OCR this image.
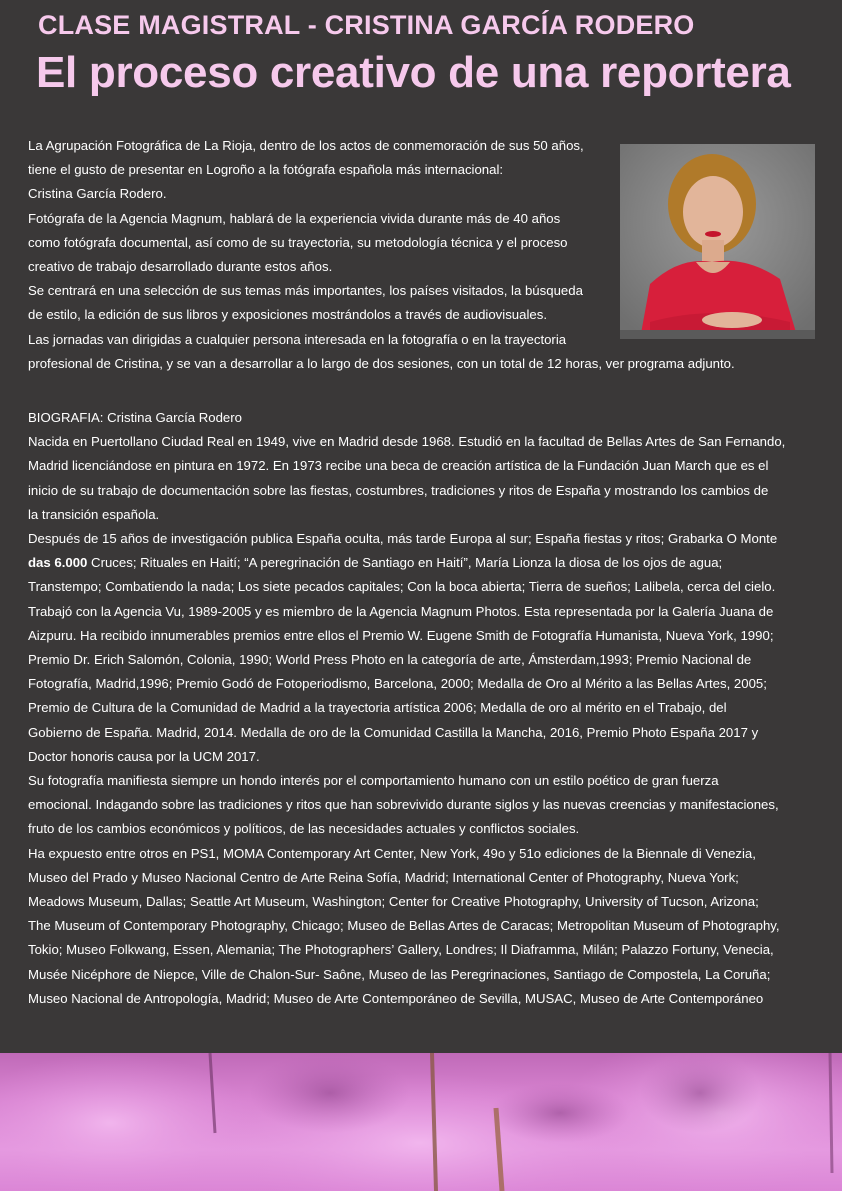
CLASE MAGISTRAL - CRISTINA GARCÍA RODERO
El proceso creativo de una reportera
La Agrupación Fotográfica de La Rioja, dentro de los actos de conmemoración de sus 50 años,
tiene el gusto de presentar en Logroño a la fotógrafa española más internacional:
Cristina García Rodero.
Fotógrafa de la Agencia Magnum, hablará de la experiencia vivida durante más de 40 años
como fotógrafa documental, así como de su trayectoria, su metodología técnica y el proceso
creativo de trabajo desarrollado durante estos años.
Se centrará en una selección de sus temas más importantes, los países visitados, la búsqueda
de estilo, la edición de sus libros y exposiciones mostrándolos a través de audiovisuales.
Las jornadas van dirigidas a cualquier persona interesada en la fotografía o en la trayectoria
profesional de Cristina, y se van a desarrollar a lo largo de dos sesiones, con un total de 12 horas, ver programa adjunto.
BIOGRAFIA: Cristina García Rodero
Nacida en Puertollano Ciudad Real en 1949, vive en Madrid desde 1968. Estudió en la facultad de Bellas Artes de San Fernando,
Madrid licenciándose en pintura en 1972. En 1973 recibe una beca de creación artística de la Fundación Juan March que es el
inicio de su trabajo de documentación sobre las fiestas, costumbres, tradiciones y ritos de España y mostrando los cambios de
la transición española.
Después de 15 años de investigación publica España oculta, más tarde Europa al sur; España fiestas y ritos; Grabarka O Monte
das 6.000 Cruces; Rituales en Haití; “A peregrinación de Santiago en Haití”, María Lionza la diosa de los ojos de agua;
Transtempo; Combatiendo la nada; Los siete pecados capitales; Con la boca abierta; Tierra de sueños; Lalibela, cerca del cielo.
Trabajó con la Agencia Vu, 1989-2005 y es miembro de la Agencia Magnum Photos. Esta representada por la Galería Juana de
Aizpuru. Ha recibido innumerables premios entre ellos el Premio W. Eugene Smith de Fotografía Humanista, Nueva York, 1990;
Premio Dr. Erich Salomón, Colonia, 1990; World Press Photo en la categoría de arte, Ámsterdam,1993; Premio Nacional de
Fotografía, Madrid,1996; Premio Godó de Fotoperiodismo, Barcelona, 2000; Medalla de Oro al Mérito a las Bellas Artes, 2005;
Premio de Cultura de la Comunidad de Madrid a la trayectoria artística 2006; Medalla de oro al mérito en el Trabajo, del
Gobierno de España. Madrid, 2014. Medalla de oro de la Comunidad Castilla la Mancha, 2016, Premio Photo España 2017 y
Doctor honoris causa por la UCM 2017.
Su fotografía manifiesta siempre un hondo interés por el comportamiento humano con un estilo poético de gran fuerza
emocional. Indagando sobre las tradiciones y ritos que han sobrevivido durante siglos y las nuevas creencias y manifestaciones,
fruto de los cambios económicos y políticos, de las necesidades actuales y conflictos sociales.
Ha expuesto entre otros en PS1, MOMA Contemporary Art Center, New York, 49o y 51o ediciones de la Biennale di Venezia,
Museo del Prado y Museo Nacional Centro de Arte Reina Sofía, Madrid; International Center of Photography, Nueva York;
Meadows Museum, Dallas; Seattle Art Museum, Washington; Center for Creative Photography, University of Tucson, Arizona;
The Museum of Contemporary Photography, Chicago; Museo de Bellas Artes de Caracas; Metropolitan Museum of Photography,
Tokio; Museo Folkwang, Essen, Alemania; The Photographers’ Gallery, Londres; Il Diaframma, Milán; Palazzo Fortuny, Venecia,
Musée Nicéphore de Niepce, Ville de Chalon-Sur- Saône, Museo de las Peregrinaciones, Santiago de Compostela, La Coruña;
Museo Nacional de Antropología, Madrid; Museo de Arte Contemporáneo de Sevilla, MUSAC, Museo de Arte Contemporáneo
